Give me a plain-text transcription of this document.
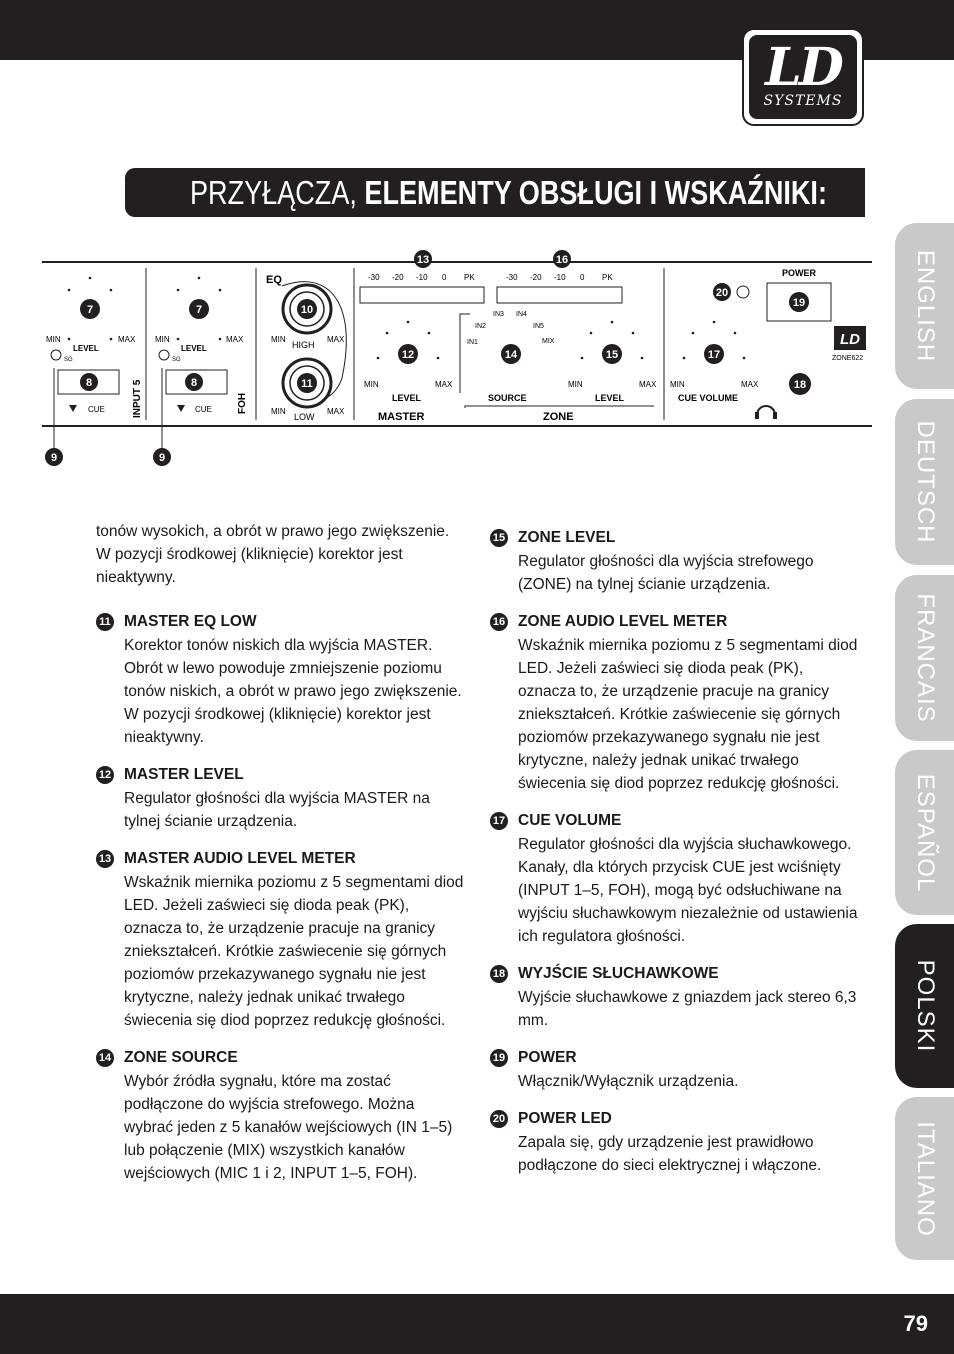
LD
SYSTEMS
PRZYŁĄCZA, ELEMENTY OBSŁUGI I WSKAŹNIKI:
ENGLISH
DEUTSCH
FRANCAIS
ESPAÑOL
POLSKI
ITALIANO
7
MIN	MAX
LEVEL
SG
8
CUE	INPUT 5
9
7
MIN	MAX
LEVEL
SG
8
CUE	FOH
9
EQ
10
MIN	MAX
HIGH
11
MIN	MAX
LOW
13
-30 -20 -10 0 PK
12
MIN	MAX
LEVEL
MASTER
IN2
IN3 IN4
IN5
IN1	MIX
14
SOURCE
16
-30 -20 -10 0 PK
15
MIN	MAX
LEVEL
ZONE
20
POWER
19
LD
ZONE622
17
MIN	MAX
CUE VOLUME
18

tonów wysokich, a obrót w prawo jego zwiększenie. W pozycji środkowej (kliknięcie) korektor jest nieaktywny.

11 MASTER EQ LOW
Korektor tonów niskich dla wyjścia MASTER. Obrót w lewo powoduje zmniejszenie poziomu tonów niskich, a obrót w prawo jego zwiększenie. W pozycji środkowej (kliknięcie) korektor jest nieaktywny.
12 MASTER LEVEL
Regulator głośności dla wyjścia MASTER na tylnej ścianie urządzenia.
13 MASTER AUDIO LEVEL METER
Wskaźnik miernika poziomu z 5 segmentami diod LED. Jeżeli zaświeci się dioda peak (PK), oznacza to, że urządzenie pracuje na granicy zniekształceń. Krótkie zaświecenie się górnych poziomów przekazywanego sygnału nie jest krytyczne, należy jednak unikać trwałego świecenia się diod poprzez redukcję głośności.
14 ZONE SOURCE
Wybór źródła sygnału, które ma zostać podłączone do wyjścia strefowego. Można wybrać jeden z 5 kanałów wejściowych (IN 1–5) lub połączenie (MIX) wszystkich kanałów wejściowych (MIC 1 i 2, INPUT 1–5, FOH).
15 ZONE LEVEL
Regulator głośności dla wyjścia strefowego (ZONE) na tylnej ścianie urządzenia.
16 ZONE AUDIO LEVEL METER
Wskaźnik miernika poziomu z 5 segmentami diod LED. Jeżeli zaświeci się dioda peak (PK), oznacza to, że urządzenie pracuje na granicy zniekształceń. Krótkie zaświecenie się górnych poziomów przekazywanego sygnału nie jest krytyczne, należy jednak unikać trwałego świecenia się diod poprzez redukcję głośności.
17 CUE VOLUME
Regulator głośności dla wyjścia słuchawkowego. Kanały, dla których przycisk CUE jest wciśnięty (INPUT 1–5, FOH), mogą być odsłuchiwane na wyjściu słuchawkowym niezależnie od ustawienia ich regulatora głośności.
18 WYJŚCIE SŁUCHAWKOWE
Wyjście słuchawkowe z gniazdem jack stereo 6,3 mm.
19 POWER
Włącznik/Wyłącznik urządzenia.
20 POWER LED
Zapala się, gdy urządzenie jest prawidłowo podłączone do sieci elektrycznej i włączone.
79
